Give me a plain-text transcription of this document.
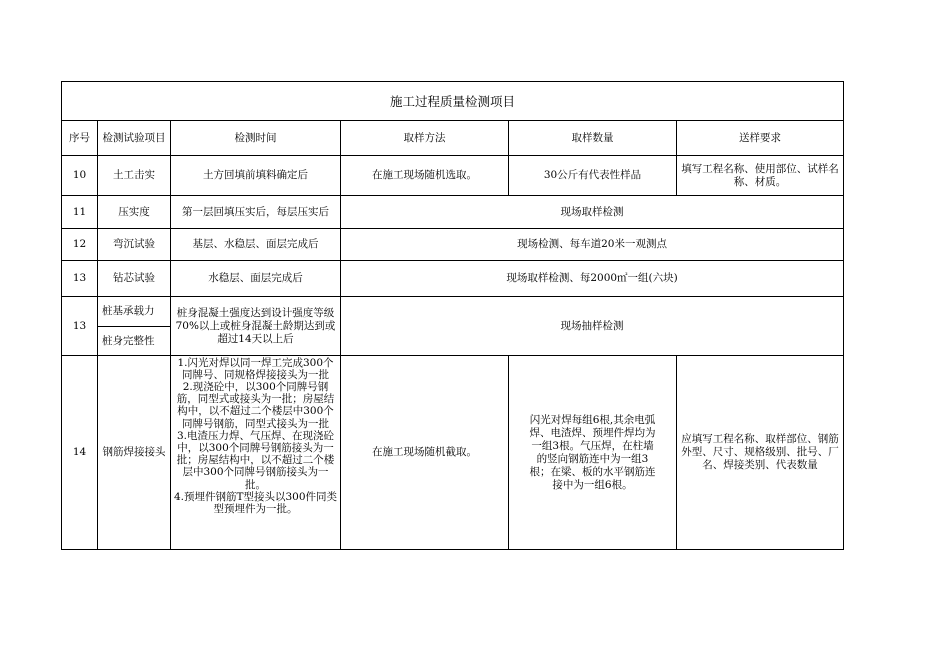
施工过程质量检测项目					
序号	检测试验项目	检测时间	取样方法	取样数量	送样要求
10	土工击实	土方回填前填料确定后	在施工现场随机选取。	30公斤有代表性样品	填写工程名称、使用部位、试样名称、材质。
11	压实度	第一层回填压实后，每层压实后	现场取样检测		
12	弯沉试验	基层、水稳层、面层完成后	现场检测、每车道20米一观测点		
13	钻芯试验	水稳层、面层完成后	现场取样检测、每2000㎡一组(六块)		
13	桩基承载力	桩身混凝土强度达到设计强度等级70%以上或桩身混凝土龄期达到或超过14天以上后	现场抽样检测		

	桩身完整性				

14	钢筋焊接接头	1.闪光对焊以同一焊工完成300个同牌号、同规格焊接接头为一批
2.现浇砼中，以300个同牌号钢筋，同型式或接头为一批；房屋结构中，以不超过二个楼层中300个同牌号钢筋，同型式接头为一批
3.电渣压力焊、气压焊、在现浇砼中，以300个同牌号钢筋接头为一批；房屋结构中，以不超过二个楼层中300个同牌号钢筋接头为一批。
4.预埋件钢筋T型接头以300件同类型预埋件为一批。	在施工现场随机截取。	闪光对焊每组6根,其余电弧焊、电渣焊、预埋件焊均为一组3根。气压焊，在柱墙的竖向钢筋连中为一组3根；在梁、板的水平钢筋连接中为一组6根。	应填写工程名称、取样部位、钢筋外型、尺寸、规格级别、批号、厂名、焊接类别、代表数量
